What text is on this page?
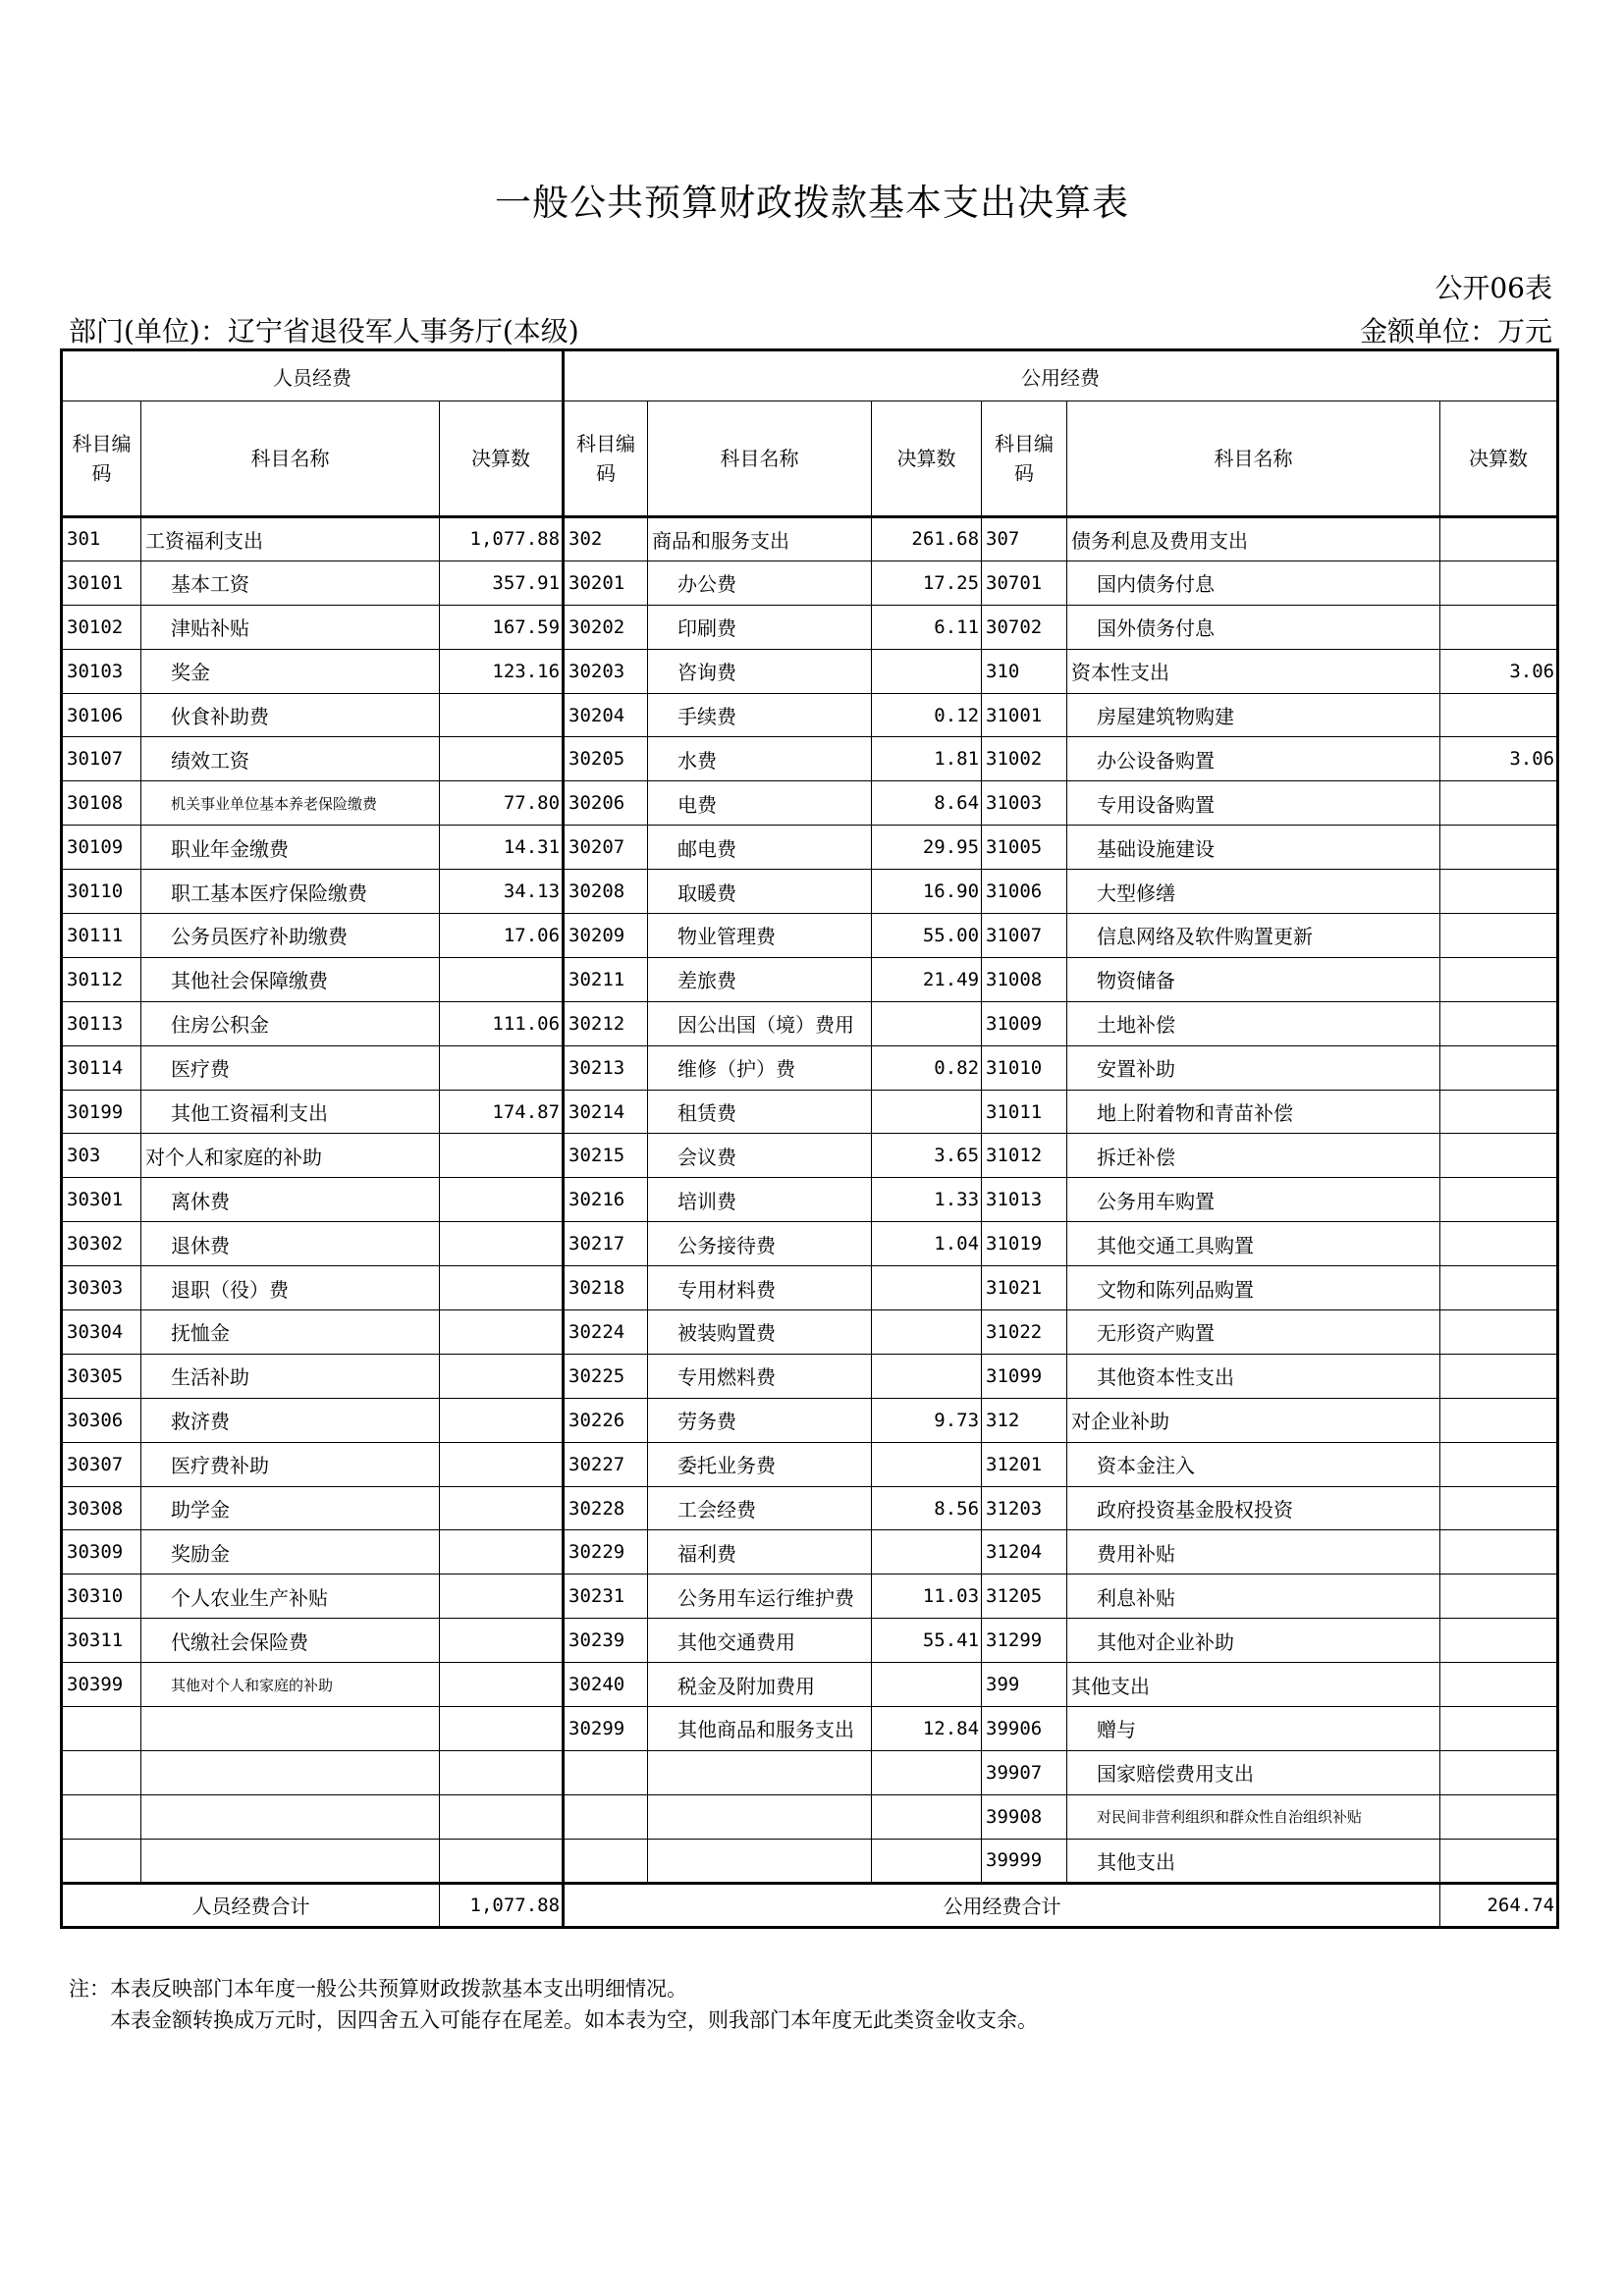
一般公共预算财政拨款基本支出决算表
公开06表
部门(单位)：辽宁省退役军人事务厅(本级)	金额单位：万元
人员经费			公用经费					
科目编码	科目名称	决算数	科目编码	科目名称	决算数	科目编码	科目名称	决算数
301	工资福利支出	1,077.88	302	商品和服务支出	261.68	307	债务利息及费用支出	
30101	基本工资	357.91	30201	办公费	17.25	30701	国内债务付息	
30102	津贴补贴	167.59	30202	印刷费	6.11	30702	国外债务付息	
30103	奖金	123.16	30203	咨询费		310	资本性支出	3.06
30106	伙食补助费		30204	手续费	0.12	31001	房屋建筑物购建	
30107	绩效工资		30205	水费	1.81	31002	办公设备购置	3.06
30108	机关事业单位基本养老保险缴费	77.80	30206	电费	8.64	31003	专用设备购置	
30109	职业年金缴费	14.31	30207	邮电费	29.95	31005	基础设施建设	
30110	职工基本医疗保险缴费	34.13	30208	取暖费	16.90	31006	大型修缮	
30111	公务员医疗补助缴费	17.06	30209	物业管理费	55.00	31007	信息网络及软件购置更新	
30112	其他社会保障缴费		30211	差旅费	21.49	31008	物资储备	
30113	住房公积金	111.06	30212	因公出国（境）费用		31009	土地补偿	
30114	医疗费		30213	维修（护）费	0.82	31010	安置补助	
30199	其他工资福利支出	174.87	30214	租赁费		31011	地上附着物和青苗补偿	
303	对个人和家庭的补助		30215	会议费	3.65	31012	拆迁补偿	
30301	离休费		30216	培训费	1.33	31013	公务用车购置	
30302	退休费		30217	公务接待费	1.04	31019	其他交通工具购置	
30303	退职（役）费		30218	专用材料费		31021	文物和陈列品购置	
30304	抚恤金		30224	被装购置费		31022	无形资产购置	
30305	生活补助		30225	专用燃料费		31099	其他资本性支出	
30306	救济费		30226	劳务费	9.73	312	对企业补助	
30307	医疗费补助		30227	委托业务费		31201	资本金注入	
30308	助学金		30228	工会经费	8.56	31203	政府投资基金股权投资	
30309	奖励金		30229	福利费		31204	费用补贴	
30310	个人农业生产补贴		30231	公务用车运行维护费	11.03	31205	利息补贴	
30311	代缴社会保险费		30239	其他交通费用	55.41	31299	其他对企业补助	
30399	其他对个人和家庭的补助		30240	税金及附加费用		399	其他支出	
			30299	其他商品和服务支出	12.84	39906	赠与	
						39907	国家赔偿费用支出	
						39908	对民间非营利组织和群众性自治组织补贴	
						39999	其他支出	
人员经费合计		1,077.88	公用经费合计					264.74
注：本表反映部门本年度一般公共预算财政拨款基本支出明细情况。
本表金额转换成万元时，因四舍五入可能存在尾差。如本表为空，则我部门本年度无此类资金收支余。
